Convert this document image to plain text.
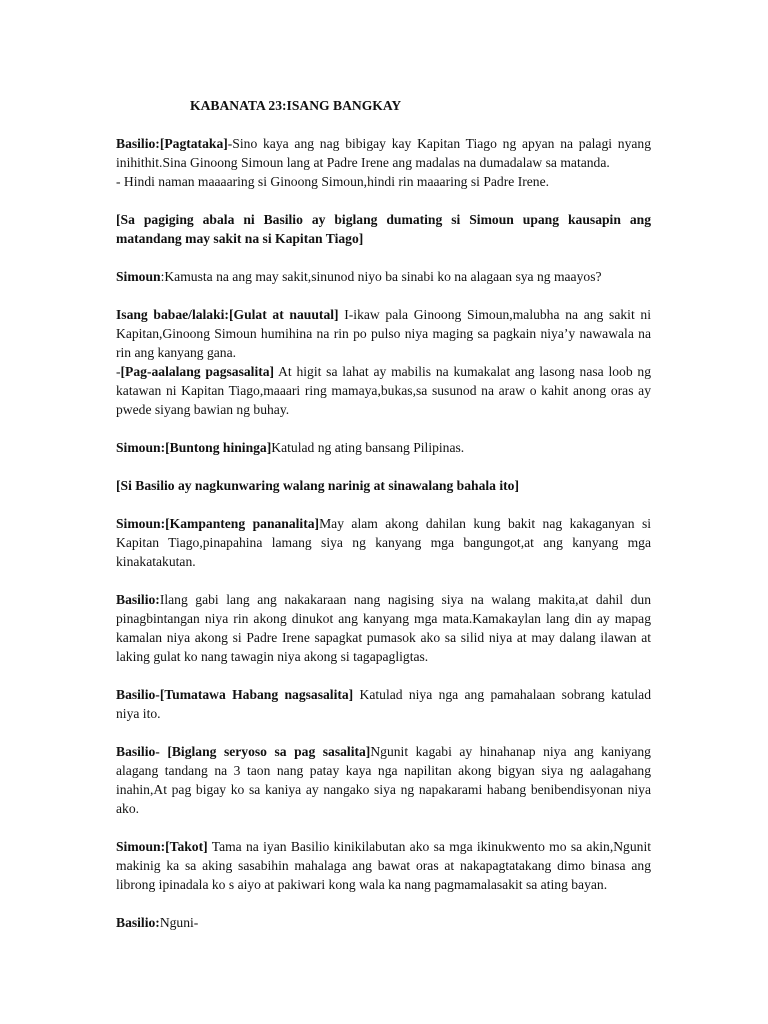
KABANATA 23:ISANG BANGKAY

Basilio:[Pagtataka]-Sino kaya ang nag bibigay kay Kapitan Tiago ng apyan na palagi nyang inihithit.Sina Ginoong Simoun lang at Padre Irene ang madalas na dumadalaw sa matanda.

- Hindi naman maaaaring si Ginoong Simoun,hindi rin maaaring si Padre Irene.

[Sa pagiging abala ni Basilio ay biglang dumating si Simoun upang kausapin ang matandang may sakit na si Kapitan Tiago]

Simoun:Kamusta na ang may sakit,sinunod niyo ba sinabi ko na alagaan sya ng maayos?

Isang babae/lalaki:[Gulat at nauutal] I-ikaw pala Ginoong Simoun,malubha na ang sakit ni Kapitan,Ginoong Simoun humihina na rin po pulso niya maging sa pagkain niya’y nawawala na rin ang kanyang gana.

-[Pag-aalalang pagsasalita] At higit sa lahat ay mabilis na kumakalat ang lasong nasa loob ng katawan ni Kapitan Tiago,maaari ring mamaya,bukas,sa susunod na araw o kahit anong oras ay pwede siyang bawian ng buhay.

Simoun:[Buntong hininga]Katulad ng ating bansang Pilipinas.

[Si Basilio ay nagkunwaring walang narinig at sinawalang bahala ito]

Simoun:[Kampanteng pananalita]May alam akong dahilan kung bakit nag kakaganyan si Kapitan Tiago,pinapahina lamang siya ng kanyang mga bangungot,at ang kanyang mga kinakatakutan.

Basilio:Ilang gabi lang ang nakakaraan nang nagising siya na walang makita,at dahil dun pinagbintangan niya rin akong dinukot ang kanyang mga mata.Kamakaylan lang din ay mapag kamalan niya akong si Padre Irene sapagkat pumasok ako sa silid niya at may dalang ilawan at laking gulat ko nang tawagin niya akong si tagapagligtas.

Basilio-[Tumatawa Habang nagsasalita] Katulad niya nga ang pamahalaan sobrang katulad niya ito.

Basilio- [Biglang seryoso sa pag sasalita]Ngunit kagabi ay hinahanap niya ang kaniyang alagang tandang na 3 taon nang patay kaya nga napilitan akong bigyan siya ng aalagahang inahin,At pag bigay ko sa kaniya ay nangako siya ng napakarami habang benibendisyonan niya ako.

Simoun:[Takot] Tama na iyan Basilio kinikilabutan ako sa mga ikinukwento mo sa akin,Ngunit makinig ka sa aking sasabihin mahalaga ang bawat oras at nakapagtatakang dimo binasa ang librong ipinadala ko s aiyo at pakiwari kong wala ka nang pagmamalasakit sa ating bayan.

Basilio:Nguni-
